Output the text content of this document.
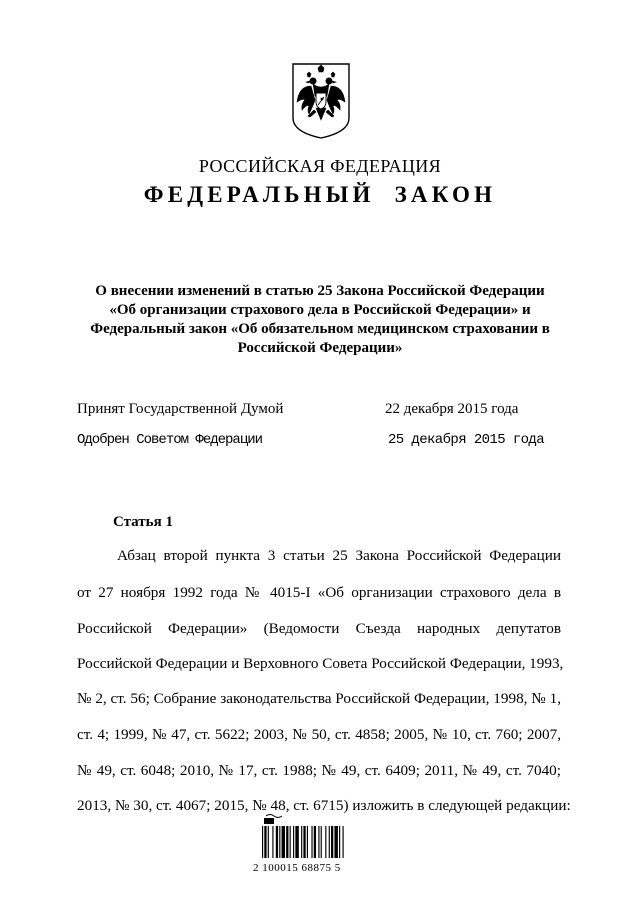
РОССИЙСКАЯ ФЕДЕРАЦИЯ
ФЕДЕРАЛЬНЫЙ ЗАКОН
О внесении изменений в статью 25 Закона Российской Федерации
«Об организации страхового дела в Российской Федерации» и
Федеральный закон «Об обязательном медицинском страховании в
Российской Федерации»
Принят Государственной Думой	22 декабря 2015 года
Одобрен Советом Федерации	25 декабря 2015 года
Статья 1
Абзац второй пункта 3 статьи 25 Закона Российской Федерации
от 27 ноября 1992 года № 4015-I «Об организации страхового дела в
Российской Федерации» (Ведомости Съезда народных депутатов
Российской Федерации и Верховного Совета Российской Федерации, 1993,
№ 2, ст. 56; Собрание законодательства Российской Федерации, 1998, № 1,
ст. 4; 1999, № 47, ст. 5622; 2003, № 50, ст. 4858; 2005, № 10, ст. 760; 2007,
№ 49, ст. 6048; 2010, № 17, ст. 1988; № 49, ст. 6409; 2011, № 49, ст. 7040;
2013, № 30, ст. 4067; 2015, № 48, ст. 6715) изложить в следующей редакции:
2 100015 68875 5
